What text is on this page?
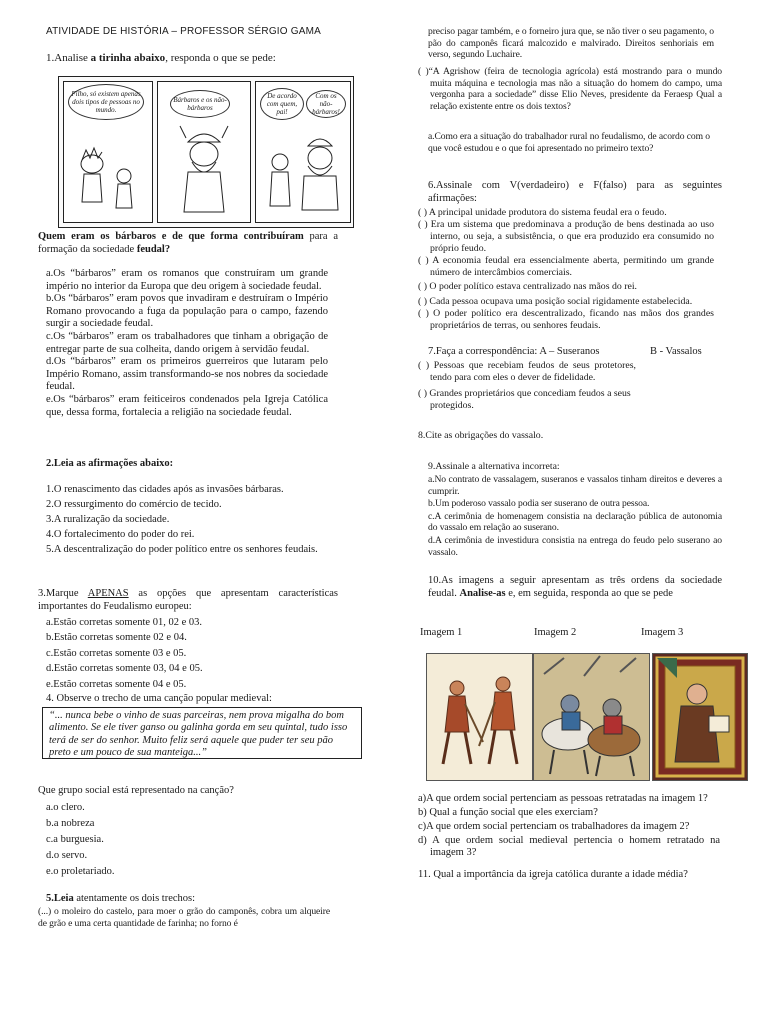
ATIVIDADE DE HISTÓRIA – PROFESSOR SÉRGIO GAMA
1.Analise a tirinha abaixo, responda o que se pede:
Filho, só existem apenas dois tipos de pessoas no mundo.
Bárbaros e os não-bárbaros
De acordo com quem, pai!
Com os não-bárbaros!
Quem eram os bárbaros e de que forma contribuíram para a formação da sociedade feudal?
a.Os “bárbaros” eram os romanos que construíram um grande império no interior da Europa que deu origem à sociedade feudal.
b.Os “bárbaros” eram povos que invadiram e destruíram o Império Romano provocando a fuga da população para o campo, fazendo surgir a sociedade feudal.
c.Os “bárbaros” eram os trabalhadores que tinham a obrigação de entregar parte de sua colheita, dando origem à servidão feudal.
d.Os “bárbaros” eram os primeiros guerreiros que lutaram pelo Império Romano, assim transformando-se nos nobres da sociedade feudal.
e.Os “bárbaros” eram feiticeiros condenados pela Igreja Católica que, dessa forma, fortalecia a religião na sociedade feudal.
2.Leia as afirmações abaixo:
1.O renascimento das cidades após as invasões bárbaras.
2.O ressurgimento do comércio de tecido.
3.A ruralização da sociedade.
4.O fortalecimento do poder do rei.
5.A descentralização do poder político entre os senhores feudais.
3.Marque APENAS as opções que apresentam características importantes do Feudalismo europeu:
a.Estão corretas somente 01, 02 e 03.
b.Estão corretas somente 02 e 04.
c.Estão corretas somente 03 e 05.
d.Estão corretas somente 03, 04 e 05.
e.Estão corretas somente 04 e 05.
4. Observe o trecho de uma canção popular medieval:
“... nunca bebe o vinho de suas parceiras, nem prova migalha do bom alimento. Se ele tiver ganso ou galinha gorda em seu quintal, tudo isso terá de ser do senhor. Muito feliz será aquele que puder ter seu pão preto e um pouco de sua manteiga...”
Que grupo social está representado na canção?
a.o clero.
b.a nobreza
c.a burguesia.
d.o servo.
e.o proletariado.
5.Leia atentamente os dois trechos:
(...) o moleiro do castelo, para moer o grão do camponês, cobra um alqueire de grão e uma certa quantidade de farinha; no forno é
preciso pagar também, e o forneiro jura que, se não tiver o seu pagamento, o pão do camponês ficará malcozido e malvirado. Direitos senhoriais em verso, segundo Luchaire.
( )“A Agrishow (feira de tecnologia agrícola) está mostrando para o mundo muita máquina e tecnologia mas não a situação do homem do campo, uma vergonha para a sociedade” disse Elio Neves, presidente da Feraesp Qual a relação existente entre os dois textos?
a.Como era a situação do trabalhador rural no feudalismo, de acordo com o que você estudou e o que foi apresentado no primeiro texto?
6.Assinale com V(verdadeiro) e F(falso) para as seguintes afirmações:
( ) A principal unidade produtora do sistema feudal era o feudo.
( ) Era um sistema que predominava a produção de bens destinada ao uso interno, ou seja, a subsistência, o que era produzido era consumido no próprio feudo.
( ) A economia feudal era essencialmente aberta, permitindo um grande número de intercâmbios comerciais.
( ) O poder político estava centralizado nas mãos do rei.
( ) Cada pessoa ocupava uma posição social rigidamente estabelecida.
( ) O poder político era descentralizado, ficando nas mãos dos grandes proprietários de terras, ou senhores feudais.
7.Faça a correspondência: A – Suseranos	B - Vassalos
( ) Pessoas que recebiam feudos de seus protetores, tendo para com eles o dever de fidelidade.
( ) Grandes proprietários que concediam feudos a seus protegidos.
8.Cite as obrigações do vassalo.
9.Assinale a alternativa incorreta:
a.No contrato de vassalagem, suseranos e vassalos tinham direitos e deveres a cumprir.
b.Um poderoso vassalo podia ser suserano de outra pessoa.
c.A cerimônia de homenagem consistia na declaração pública de autonomia do vassalo em relação ao suserano.
d.A cerimônia de investidura consistia na entrega do feudo pelo suserano ao vassalo.
10.As imagens a seguir apresentam as três ordens da sociedade feudal. Analise-as e, em seguida, responda ao que se pede
Imagem 1	Imagem 2	Imagem 3
a)A que ordem social pertenciam as pessoas retratadas na imagem 1?
b) Qual a função social que eles exerciam?
c)A que ordem social pertenciam os trabalhadores da imagem 2?
d) A que ordem social medieval pertencia o homem retratado na imagem 3?
11. Qual a importância da igreja católica durante a idade média?
